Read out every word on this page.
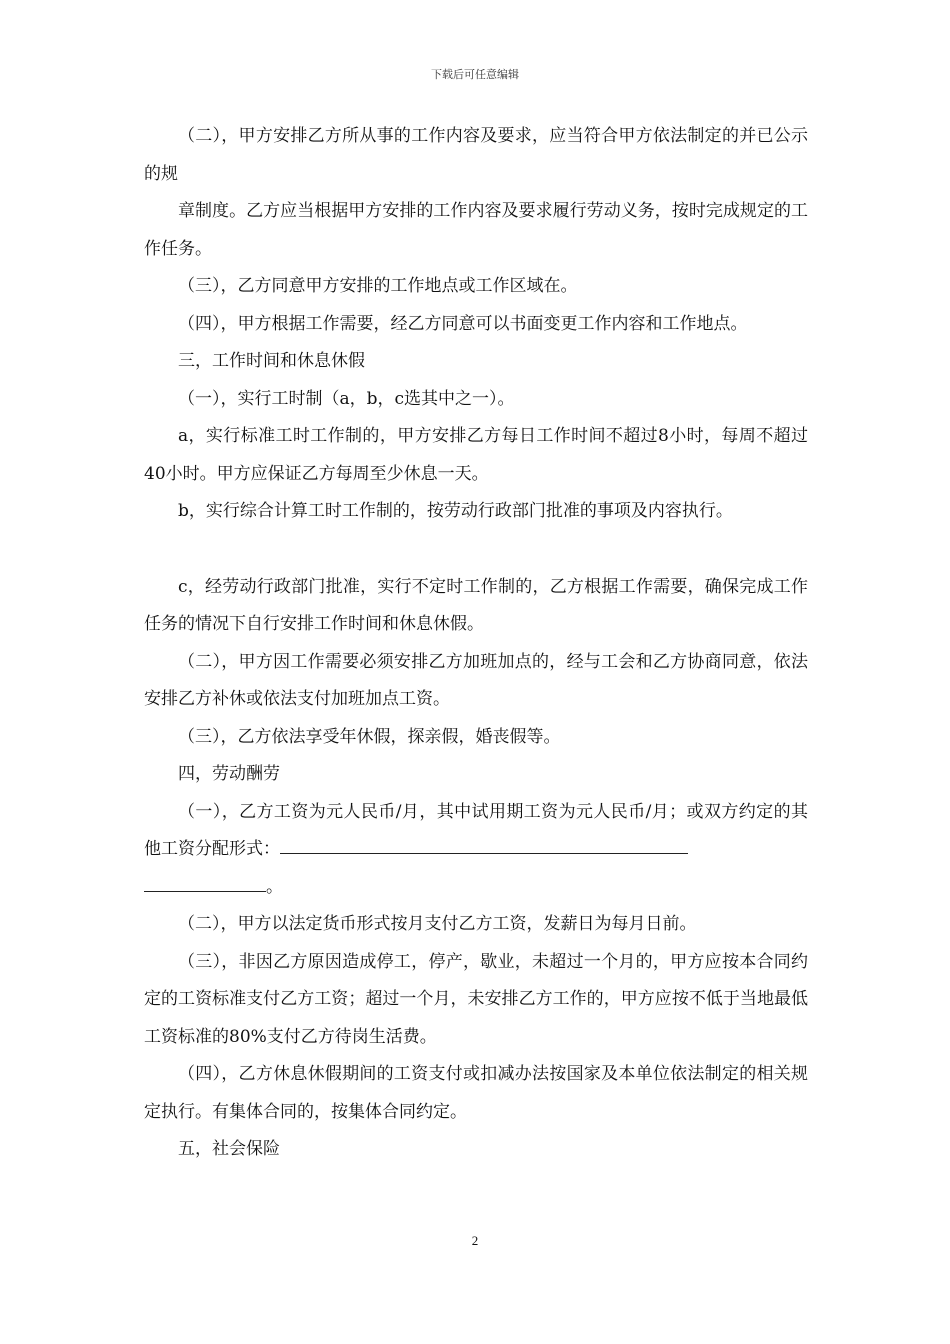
下载后可任意编辑

（二），甲方安排乙方所从事的工作内容及要求，应当符合甲方依法制定的并已公示的规

章制度。乙方应当根据甲方安排的工作内容及要求履行劳动义务，按时完成规定的工作任务。

（三），乙方同意甲方安排的工作地点或工作区域在。

（四），甲方根据工作需要，经乙方同意可以书面变更工作内容和工作地点。

三，工作时间和休息休假

（一），实行工时制（a，b，c选其中之一）。

a，实行标准工时工作制的，甲方安排乙方每日工作时间不超过8小时，每周不超过40小时。甲方应保证乙方每周至少休息一天。

b，实行综合计算工时工作制的，按劳动行政部门批准的事项及内容执行。

c，经劳动行政部门批准，实行不定时工作制的，乙方根据工作需要，确保完成工作任务的情况下自行安排工作时间和休息休假。

（二），甲方因工作需要必须安排乙方加班加点的，经与工会和乙方协商同意，依法安排乙方补休或依法支付加班加点工资。

（三），乙方依法享受年休假，探亲假，婚丧假等。

四，劳动酬劳

（一），乙方工资为元人民币/月，其中试用期工资为元人民币/月；或双方约定的其他工资分配形式：

。

（二），甲方以法定货币形式按月支付乙方工资，发薪日为每月日前。

（三），非因乙方原因造成停工，停产，歇业，未超过一个月的，甲方应按本合同约定的工资标准支付乙方工资；超过一个月，未安排乙方工作的，甲方应按不低于当地最低工资标准的80%支付乙方待岗生活费。

（四），乙方休息休假期间的工资支付或扣减办法按国家及本单位依法制定的相关规定执行。有集体合同的，按集体合同约定。

五，社会保险

2
